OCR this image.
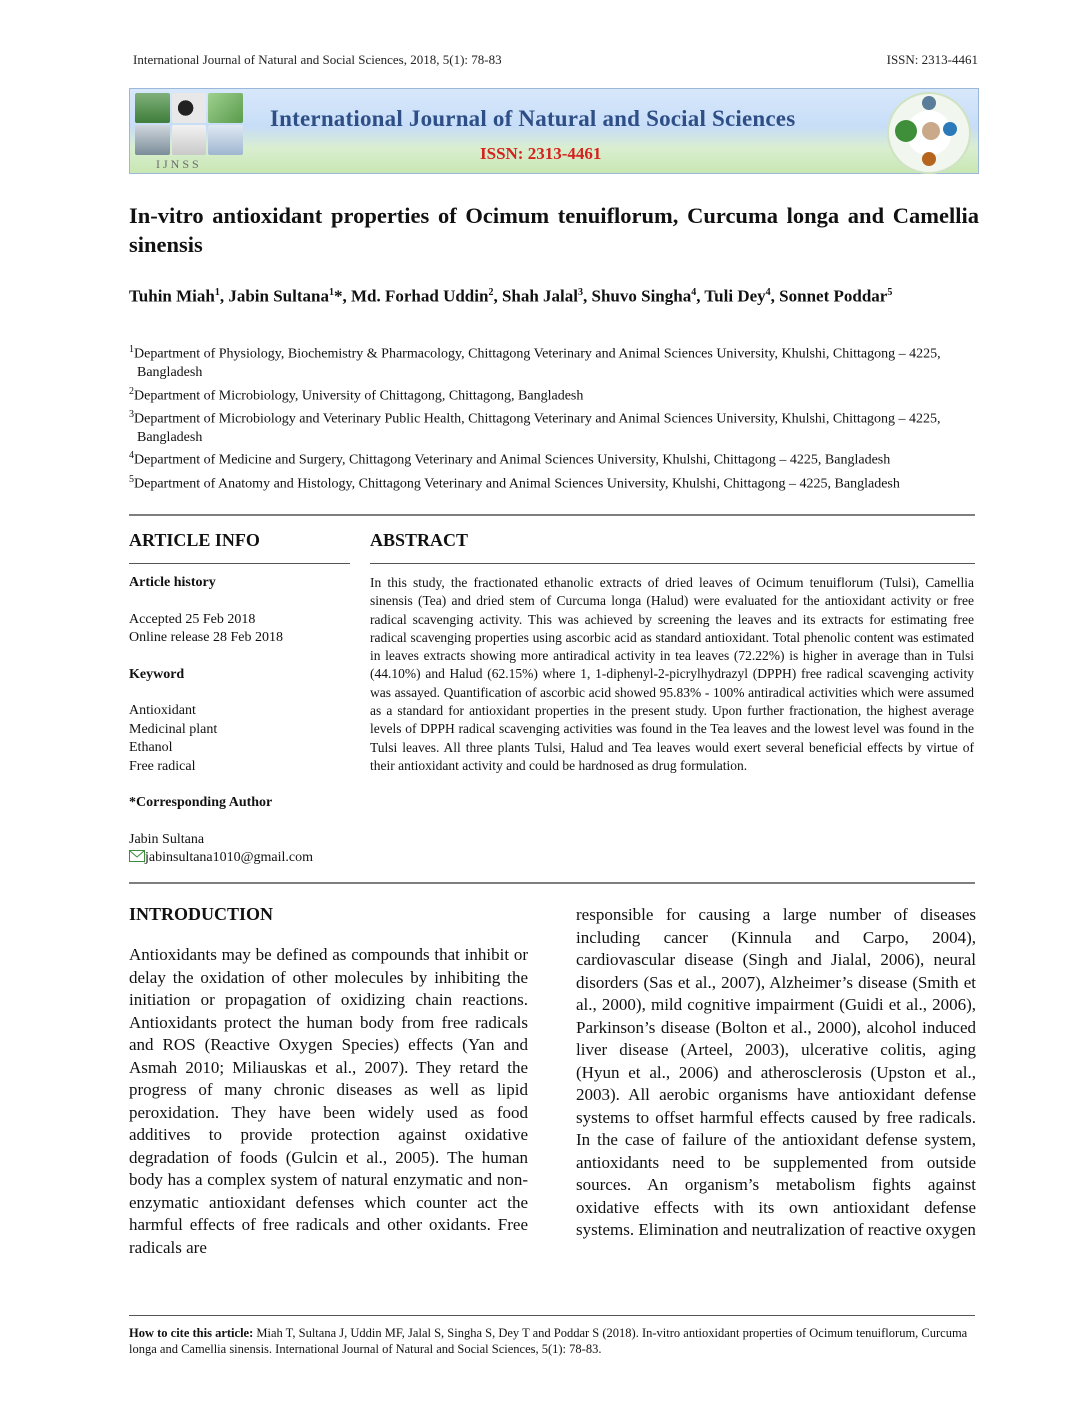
International Journal of Natural and Social Sciences, 2018, 5(1): 78-83	ISSN: 2313-4461
IJNSS
International Journal of Natural and Social Sciences
ISSN: 2313-4461
In-vitro antioxidant properties of Ocimum tenuiflorum, Curcuma longa and Camellia sinensis
Tuhin Miah$^1$, Jabin Sultana$^1$*, Md. Forhad Uddin$^2$, Shah Jalal$^3$, Shuvo Singha$^4$, Tuli Dey$^4$, Sonnet Poddar$^5$
$^1$Department of Physiology, Biochemistry & Pharmacology, Chittagong Veterinary and Animal Sciences University, Khulshi, Chittagong – 4225, Bangladesh
$^2$Department of Microbiology, University of Chittagong, Chittagong, Bangladesh
$^3$Department of Microbiology and Veterinary Public Health, Chittagong Veterinary and Animal Sciences University, Khulshi, Chittagong – 4225, Bangladesh
$^4$Department of Medicine and Surgery, Chittagong Veterinary and Animal Sciences University, Khulshi, Chittagong – 4225, Bangladesh
$^5$Department of Anatomy and Histology, Chittagong Veterinary and Animal Sciences University, Khulshi, Chittagong – 4225, Bangladesh
ARTICLE INFO	ABSTRACT
Article history
Accepted 25 Feb 2018
Online release 28 Feb 2018
Keyword
Antioxidant
Medicinal plant
Ethanol
Free radical
*Corresponding Author
Jabin Sultana
jabinsultana1010@gmail.com
In this study, the fractionated ethanolic extracts of dried leaves of Ocimum tenuiflorum (Tulsi), Camellia sinensis (Tea) and dried stem of Curcuma longa (Halud) were evaluated for the antioxidant activity or free radical scavenging activity. This was achieved by screening the leaves and its extracts for estimating free radical scavenging properties using ascorbic acid as standard antioxidant. Total phenolic content was estimated in leaves extracts showing more antiradical activity in tea leaves (72.22%) is higher in average than in Tulsi (44.10%) and Halud (62.15%) where 1, 1-diphenyl-2-picrylhydrazyl (DPPH) free radical scavenging activity was assayed. Quantification of ascorbic acid showed 95.83% - 100% antiradical activities which were assumed as a standard for antioxidant properties in the present study. Upon further fractionation, the highest average levels of DPPH radical scavenging activities was found in the Tea leaves and the lowest level was found in the Tulsi leaves. All three plants Tulsi, Halud and Tea leaves would exert several beneficial effects by virtue of their antioxidant activity and could be hardnosed as drug formulation.
INTRODUCTION
Antioxidants may be defined as compounds that inhibit or delay the oxidation of other molecules by inhibiting the initiation or propagation of oxidizing chain reactions. Antioxidants protect the human body from free radicals and ROS (Reactive Oxygen Species) effects (Yan and Asmah 2010; Miliauskas et al., 2007). They retard the progress of many chronic diseases as well as lipid peroxidation. They have been widely used as food additives to provide protection against oxidative degradation of foods (Gulcin et al., 2005). The human body has a complex system of natural enzymatic and non-enzymatic antioxidant defenses which counter act the harmful effects of free radicals and other oxidants. Free radicals are
responsible for causing a large number of diseases including cancer (Kinnula and Carpo, 2004), cardiovascular disease (Singh and Jialal, 2006), neural disorders (Sas et al., 2007), Alzheimer’s disease (Smith et al., 2000), mild cognitive impairment (Guidi et al., 2006), Parkinson’s disease (Bolton et al., 2000), alcohol induced liver disease (Arteel, 2003), ulcerative colitis, aging (Hyun et al., 2006) and atherosclerosis (Upston et al., 2003). All aerobic organisms have antioxidant defense systems to offset harmful effects caused by free radicals. In the case of failure of the antioxidant defense system, antioxidants need to be supplemented from outside sources. An organism’s metabolism fights against oxidative effects with its own antioxidant defense systems. Elimination and neutralization of reactive oxygen
How to cite this article: Miah T, Sultana J, Uddin MF, Jalal S, Singha S, Dey T and Poddar S (2018). In-vitro antioxidant properties of Ocimum tenuiflorum, Curcuma longa and Camellia sinensis. International Journal of Natural and Social Sciences, 5(1): 78-83.
